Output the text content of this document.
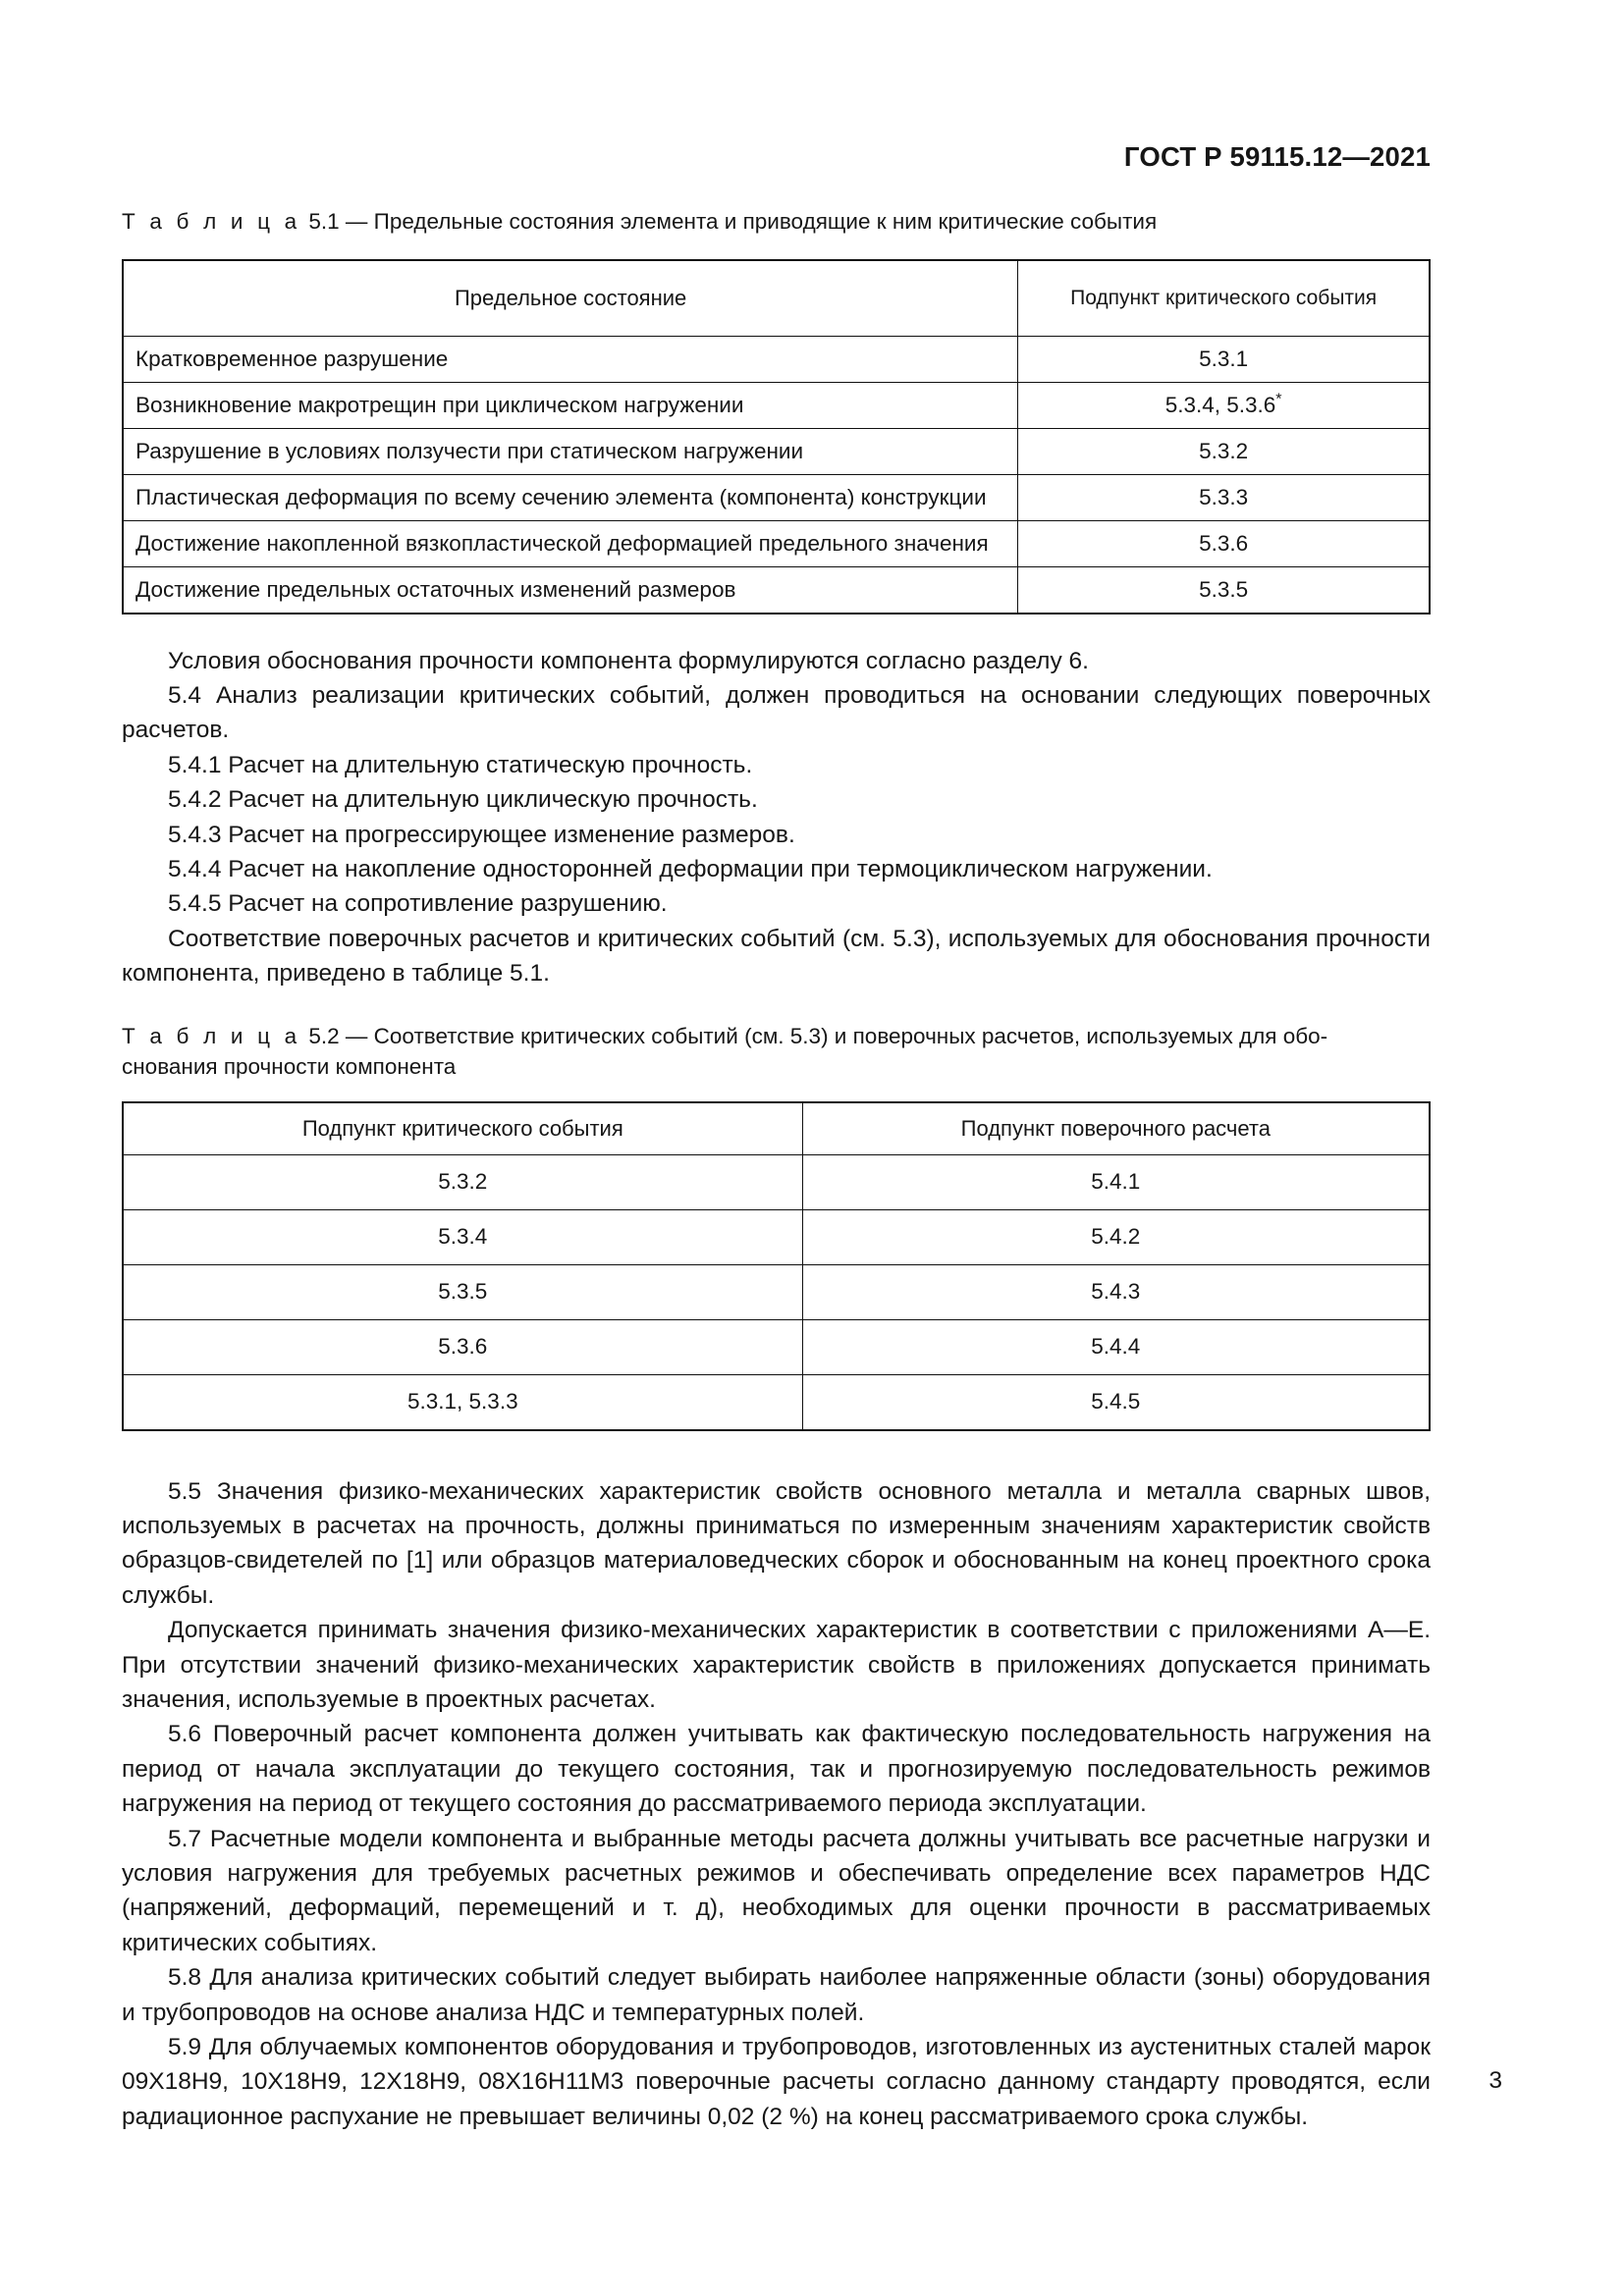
ГОСТ Р 59115.12—2021
Т а б л и ц а 5.1 — Предельные состояния элемента и приводящие к ним критические события
Предельное состояние	Подпункт критического события
Кратковременное разрушение	5.3.1
Возникновение макротрещин при циклическом нагружении	5.3.4, 5.3.6*
Разрушение в условиях ползучести при статическом нагружении	5.3.2
Пластическая деформация по всему сечению элемента (компонента) конструкции	5.3.3
Достижение накопленной вязкопластической деформацией предельного значения	5.3.6
Достижение предельных остаточных изменений размеров	5.3.5

Условия обоснования прочности компонента формулируются согласно разделу 6.

5.4 Анализ реализации критических событий, должен проводиться на основании следующих поверочных расчетов.

5.4.1 Расчет на длительную статическую прочность.

5.4.2 Расчет на длительную циклическую прочность.

5.4.3 Расчет на прогрессирующее изменение размеров.

5.4.4 Расчет на накопление односторонней деформации при термоциклическом нагружении.

5.4.5 Расчет на сопротивление разрушению.

Соответствие поверочных расчетов и критических событий (см. 5.3), используемых для обоснования прочности компонента, приведено в таблице 5.1.

Т а б л и ц а 5.2 — Соответствие критических событий (см. 5.3) и поверочных расчетов, используемых для обо-
снования прочности компонента
Подпункт критического события	Подпункт поверочного расчета
5.3.2	5.4.1
5.3.4	5.4.2
5.3.5	5.4.3
5.3.6	5.4.4
5.3.1, 5.3.3	5.4.5

5.5 Значения физико-механических характеристик свойств основного металла и металла сварных швов, используемых в расчетах на прочность, должны приниматься по измеренным значениям характеристик свойств образцов-свидетелей по [1] или образцов материаловедческих сборок и обоснованным на конец проектного срока службы.

Допускается принимать значения физико-механических характеристик в соответствии с приложениями А—Е. При отсутствии значений физико-механических характеристик свойств в приложениях допускается принимать значения, используемые в проектных расчетах.

5.6 Поверочный расчет компонента должен учитывать как фактическую последовательность нагружения на период от начала эксплуатации до текущего состояния, так и прогнозируемую последовательность режимов нагружения на период от текущего состояния до рассматриваемого периода эксплуатации.

5.7 Расчетные модели компонента и выбранные методы расчета должны учитывать все расчетные нагрузки и условия нагружения для требуемых расчетных режимов и обеспечивать определение всех параметров НДС (напряжений, деформаций, перемещений и т. д), необходимых для оценки прочности в рассматриваемых критических событиях.

5.8 Для анализа критических событий следует выбирать наиболее напряженные области (зоны) оборудования и трубопроводов на основе анализа НДС и температурных полей.

5.9 Для облучаемых компонентов оборудования и трубопроводов, изготовленных из аустенитных сталей марок 09Х18Н9, 10Х18Н9, 12Х18Н9, 08Х16Н11М3 поверочные расчеты согласно данному стандарту проводятся, если радиационное распухание не превышает величины 0,02 (2 %) на конец рассматриваемого срока службы.

3
